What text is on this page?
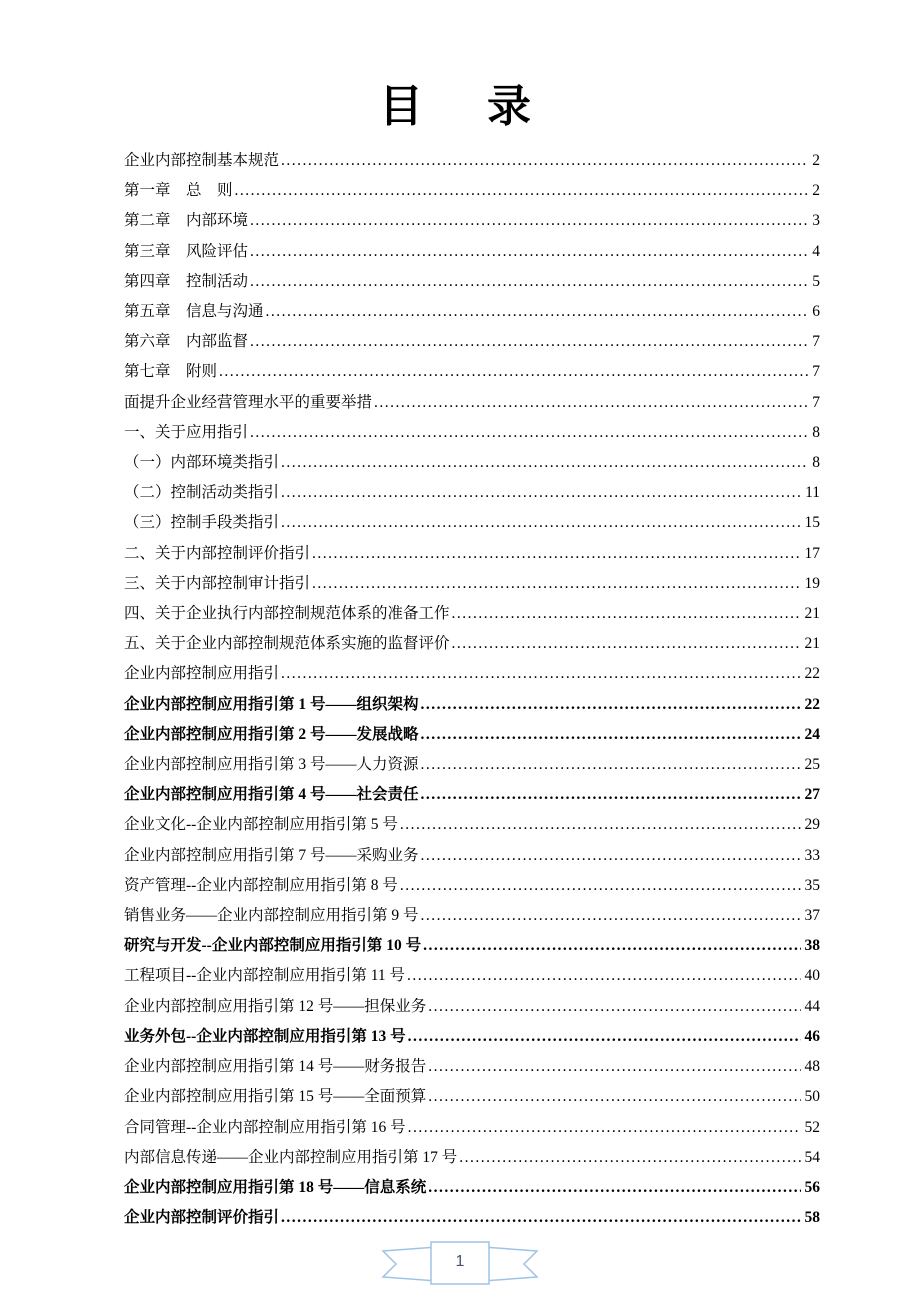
目　录
企业内部控制基本规范 .....	2
第一章　总　则 .....	2
第二章　内部环境 .....	3
第三章　风险评估 .....	4
第四章　控制活动 .....	5
第五章　信息与沟通 .....	6
第六章　内部监督 .....	7
第七章　附则 .....	7
面提升企业经营管理水平的重要举措 .....	7
一、关于应用指引 .....	8
（一）内部环境类指引 .....	8
（二）控制活动类指引 .....	11
（三）控制手段类指引 .....	15
二、关于内部控制评价指引 .....	17
三、关于内部控制审计指引 .....	19
四、关于企业执行内部控制规范体系的准备工作 .....	21
五、关于企业内部控制规范体系实施的监督评价 .....	21
企业内部控制应用指引 .....	22
企业内部控制应用指引第 1 号——组织架构 .....	22
企业内部控制应用指引第 2 号——发展战略 .....	24
企业内部控制应用指引第 3 号——人力资源 .....	25
企业内部控制应用指引第 4 号——社会责任 .....	27
企业文化--企业内部控制应用指引第 5 号 .....	29
企业内部控制应用指引第 7 号——采购业务 .....	33
资产管理--企业内部控制应用指引第 8 号 .....	35
销售业务——企业内部控制应用指引第 9 号 .....	37
研究与开发--企业内部控制应用指引第 10 号 .....	38
工程项目--企业内部控制应用指引第 11 号 .....	40
企业内部控制应用指引第 12 号——担保业务 .....	44
业务外包--企业内部控制应用指引第 13 号 .....	46
企业内部控制应用指引第 14 号——财务报告 .....	48
企业内部控制应用指引第 15 号——全面预算 .....	50
合同管理--企业内部控制应用指引第 16 号 .....	52
内部信息传递——企业内部控制应用指引第 17 号 .....	54
企业内部控制应用指引第 18 号——信息系统 .....	56
企业内部控制评价指引 .....	58
1
